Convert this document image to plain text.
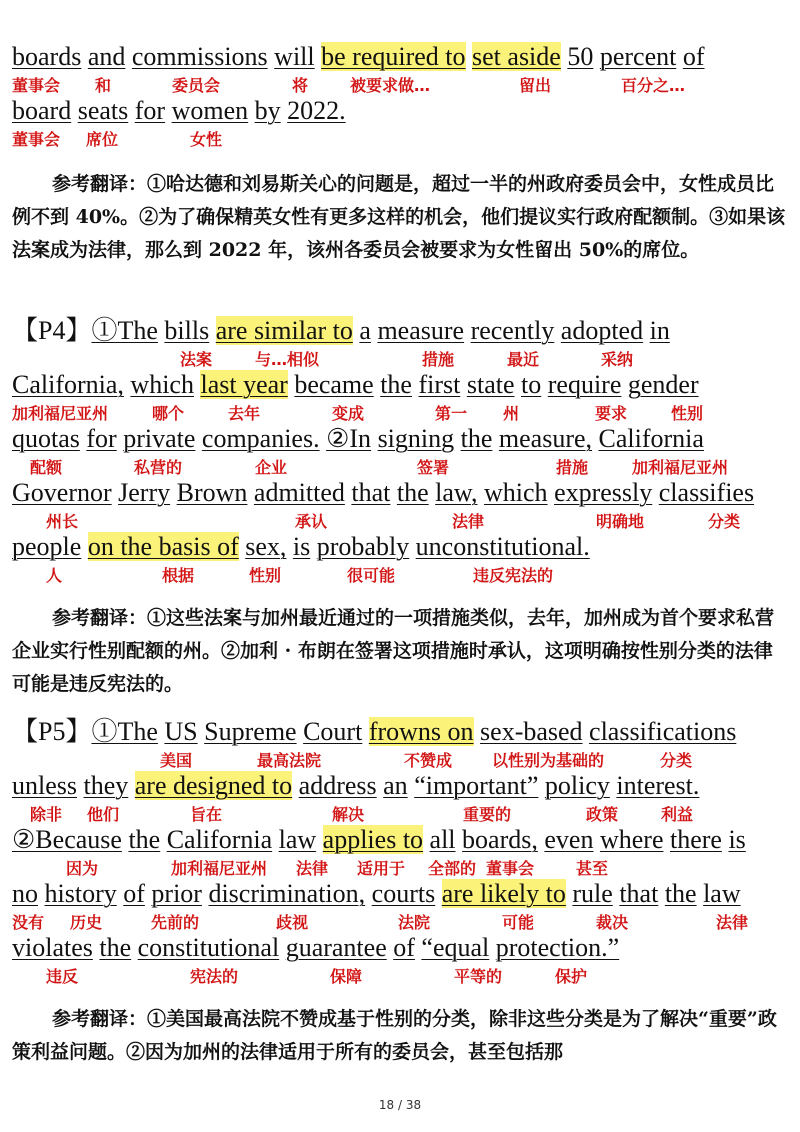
boards and commissions will be required to set aside 50 percent of
董事会 和	委员会	将	被要求做…	留出	百分之…
board seats for women by 2022.
董事会 席位	女性
参考翻译：①哈达德和刘易斯关心的问题是，超过一半的州政府委员会中，女性成员比例不到 40%。②为了确保精英女性有更多这样的机会，他们提议实行政府配额制。③如果该法案成为法律，那么到 2022 年，该州各委员会被要求为女性留出 50%的席位。
【P4】①The bills are similar to a measure recently adopted in
法案	与…相似	措施	最近	采纳
California, which last year became the first state to require gender
加利福尼亚州	哪个	去年	变成	第一 州	要求	性别
quotas for private companies. ②In signing the measure, California
配额	私营的	企业	签署	措施	加利福尼亚州
Governor Jerry Brown admitted that the law, which expressly classifies
州长	承认	法律	明确地	分类
people on the basis of sex, is probably unconstitutional.
人	根据	性别	很可能	违反宪法的
参考翻译：①这些法案与加州最近通过的一项措施类似，去年，加州成为首个要求私营企业实行性别配额的州。②加利 · 布朗在签署这项措施时承认，这项明确按性别分类的法律可能是违反宪法的。
【P5】①The US Supreme Court frowns on sex-based classifications
美国	最高法院	不赞成 以性别为基础的	分类
unless they are designed to address an “important” policy interest.
除非 他们	旨在	解决	重要的	政策	利益
②Because the California law applies to all boards, even where there is
因为	加利福尼亚州 法律 适用于 全部的 董事会	甚至
no history of prior discrimination, courts are likely to rule that the law
没有 历史	先前的	歧视	法院	可能	裁决	法律
violates the constitutional guarantee of “equal protection.”
违反	宪法的	保障	平等的	保护
参考翻译：①美国最高法院不赞成基于性别的分类，除非这些分类是为了解决“重要”政策利益问题。②因为加州的法律适用于所有的委员会，甚至包括那
18 / 38
